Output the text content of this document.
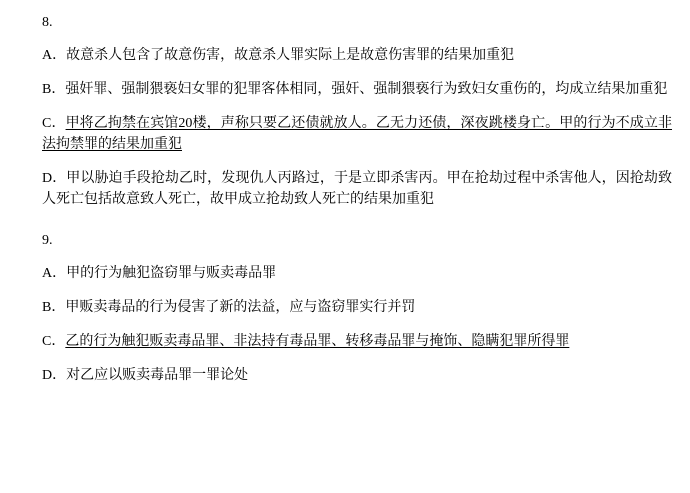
8.
A．故意杀人包含了故意伤害，故意杀人罪实际上是故意伤害罪的结果加重犯
B．强奸罪、强制猥亵妇女罪的犯罪客体相同，强奸、强制猥亵行为致妇女重伤的，均成立结果加重犯
C．甲将乙拘禁在宾馆20楼，声称只要乙还债就放人。乙无力还债，深夜跳楼身亡。甲的行为不成立非法拘禁罪的结果加重犯
D．甲以胁迫手段抢劫乙时，发现仇人丙路过，于是立即杀害丙。甲在抢劫过程中杀害他人，因抢劫致人死亡包括故意致人死亡，故甲成立抢劫致人死亡的结果加重犯
9.
A．甲的行为触犯盗窃罪与贩卖毒品罪
B．甲贩卖毒品的行为侵害了新的法益，应与盗窃罪实行并罚
C．乙的行为触犯贩卖毒品罪、非法持有毒品罪、转移毒品罪与掩饰、隐瞒犯罪所得罪
D．对乙应以贩卖毒品罪一罪论处
